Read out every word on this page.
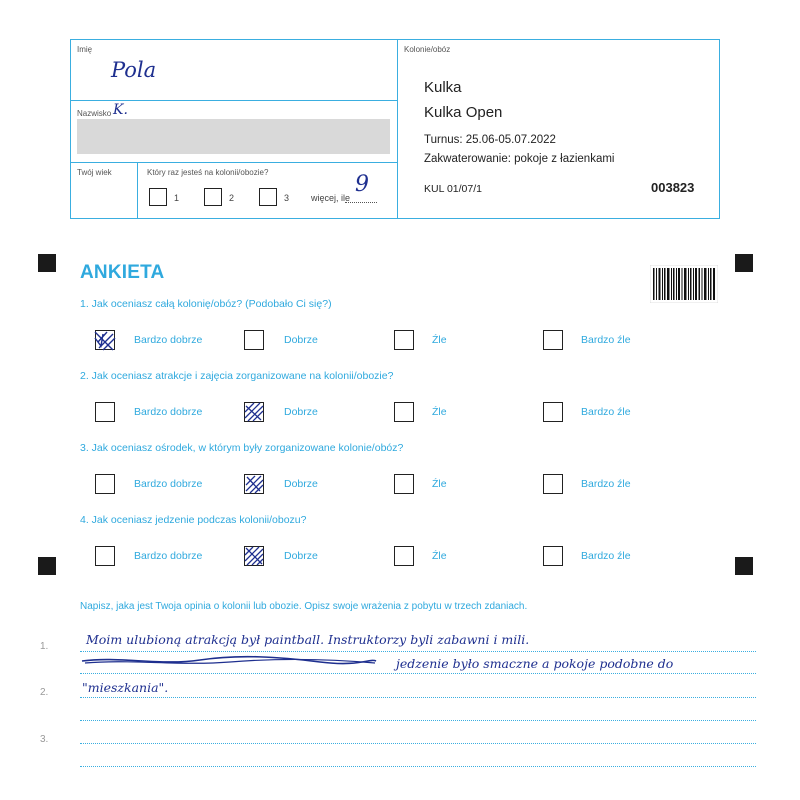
Imię
Pola
Nazwisko K.
Twój wiek	Który raz jesteś na kolonii/obozie?
1	2	3 więcej, ile
9
Kolonie/obóz
Kulka
Kulka Open
Turnus: 25.06-05.07.2022
Zakwaterowanie: pokoje z łazienkami
KUL 01/07/1	003823
ANKIETA
1. Jak oceniasz całą kolonię/obóz? (Podobało Ci się?)
2. Jak oceniasz atrakcje i zajęcia zorganizowane na kolonii/obozie?
3. Jak oceniasz ośrodek, w którym były zorganizowane kolonie/obóz?
4. Jak oceniasz jedzenie podczas kolonii/obozu?
Bardzo dobrze	Dobrze	Źle	Bardzo źle
Bardzo dobrze	Dobrze	Źle	Bardzo źle
Bardzo dobrze	Dobrze	Źle	Bardzo źle
Bardzo dobrze	Dobrze	Źle	Bardzo źle
Napisz, jaka jest Twoja opinia o kolonii lub obozie. Opisz swoje wrażenia z pobytu w trzech zdaniach.
1.
2.
3.
Moim ulubioną atrakcją był paintball. Instruktorzy byli zabawni i mili.
jedzenie było smaczne a pokoje podobne do
"mieszkania".
